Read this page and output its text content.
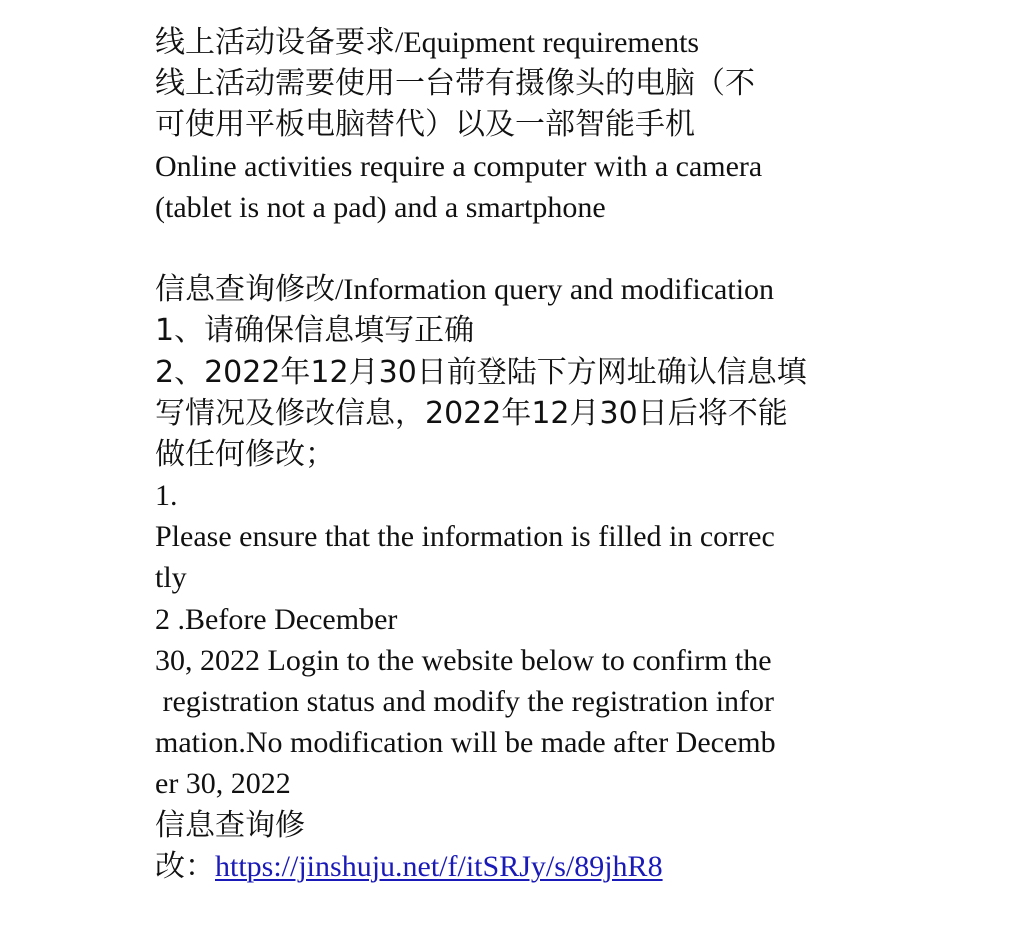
线上活动设备要求/Equipment requirements
线上活动需要使用一台带有摄像头的电脑（不
可使用平板电脑替代）以及一部智能手机
Online activities require a computer with a camera
(tablet is not a pad) and a smartphone
信息查询修改/Information query and modification
1、请确保信息填写正确
2、2022年12月30日前登陆下方网址确认信息填
写情况及修改信息，2022年12月30日后将不能
做任何修改；
1.
Please ensure that the information is filled in correc
tly
2 .Before December
30, 2022 Login to the website below to confirm the
registration status and modify the registration infor
mation.No modification will be made after Decemb
er 30, 2022
信息查询修
改：https://jinshuju.net/f/itSRJy/s/89jhR8
